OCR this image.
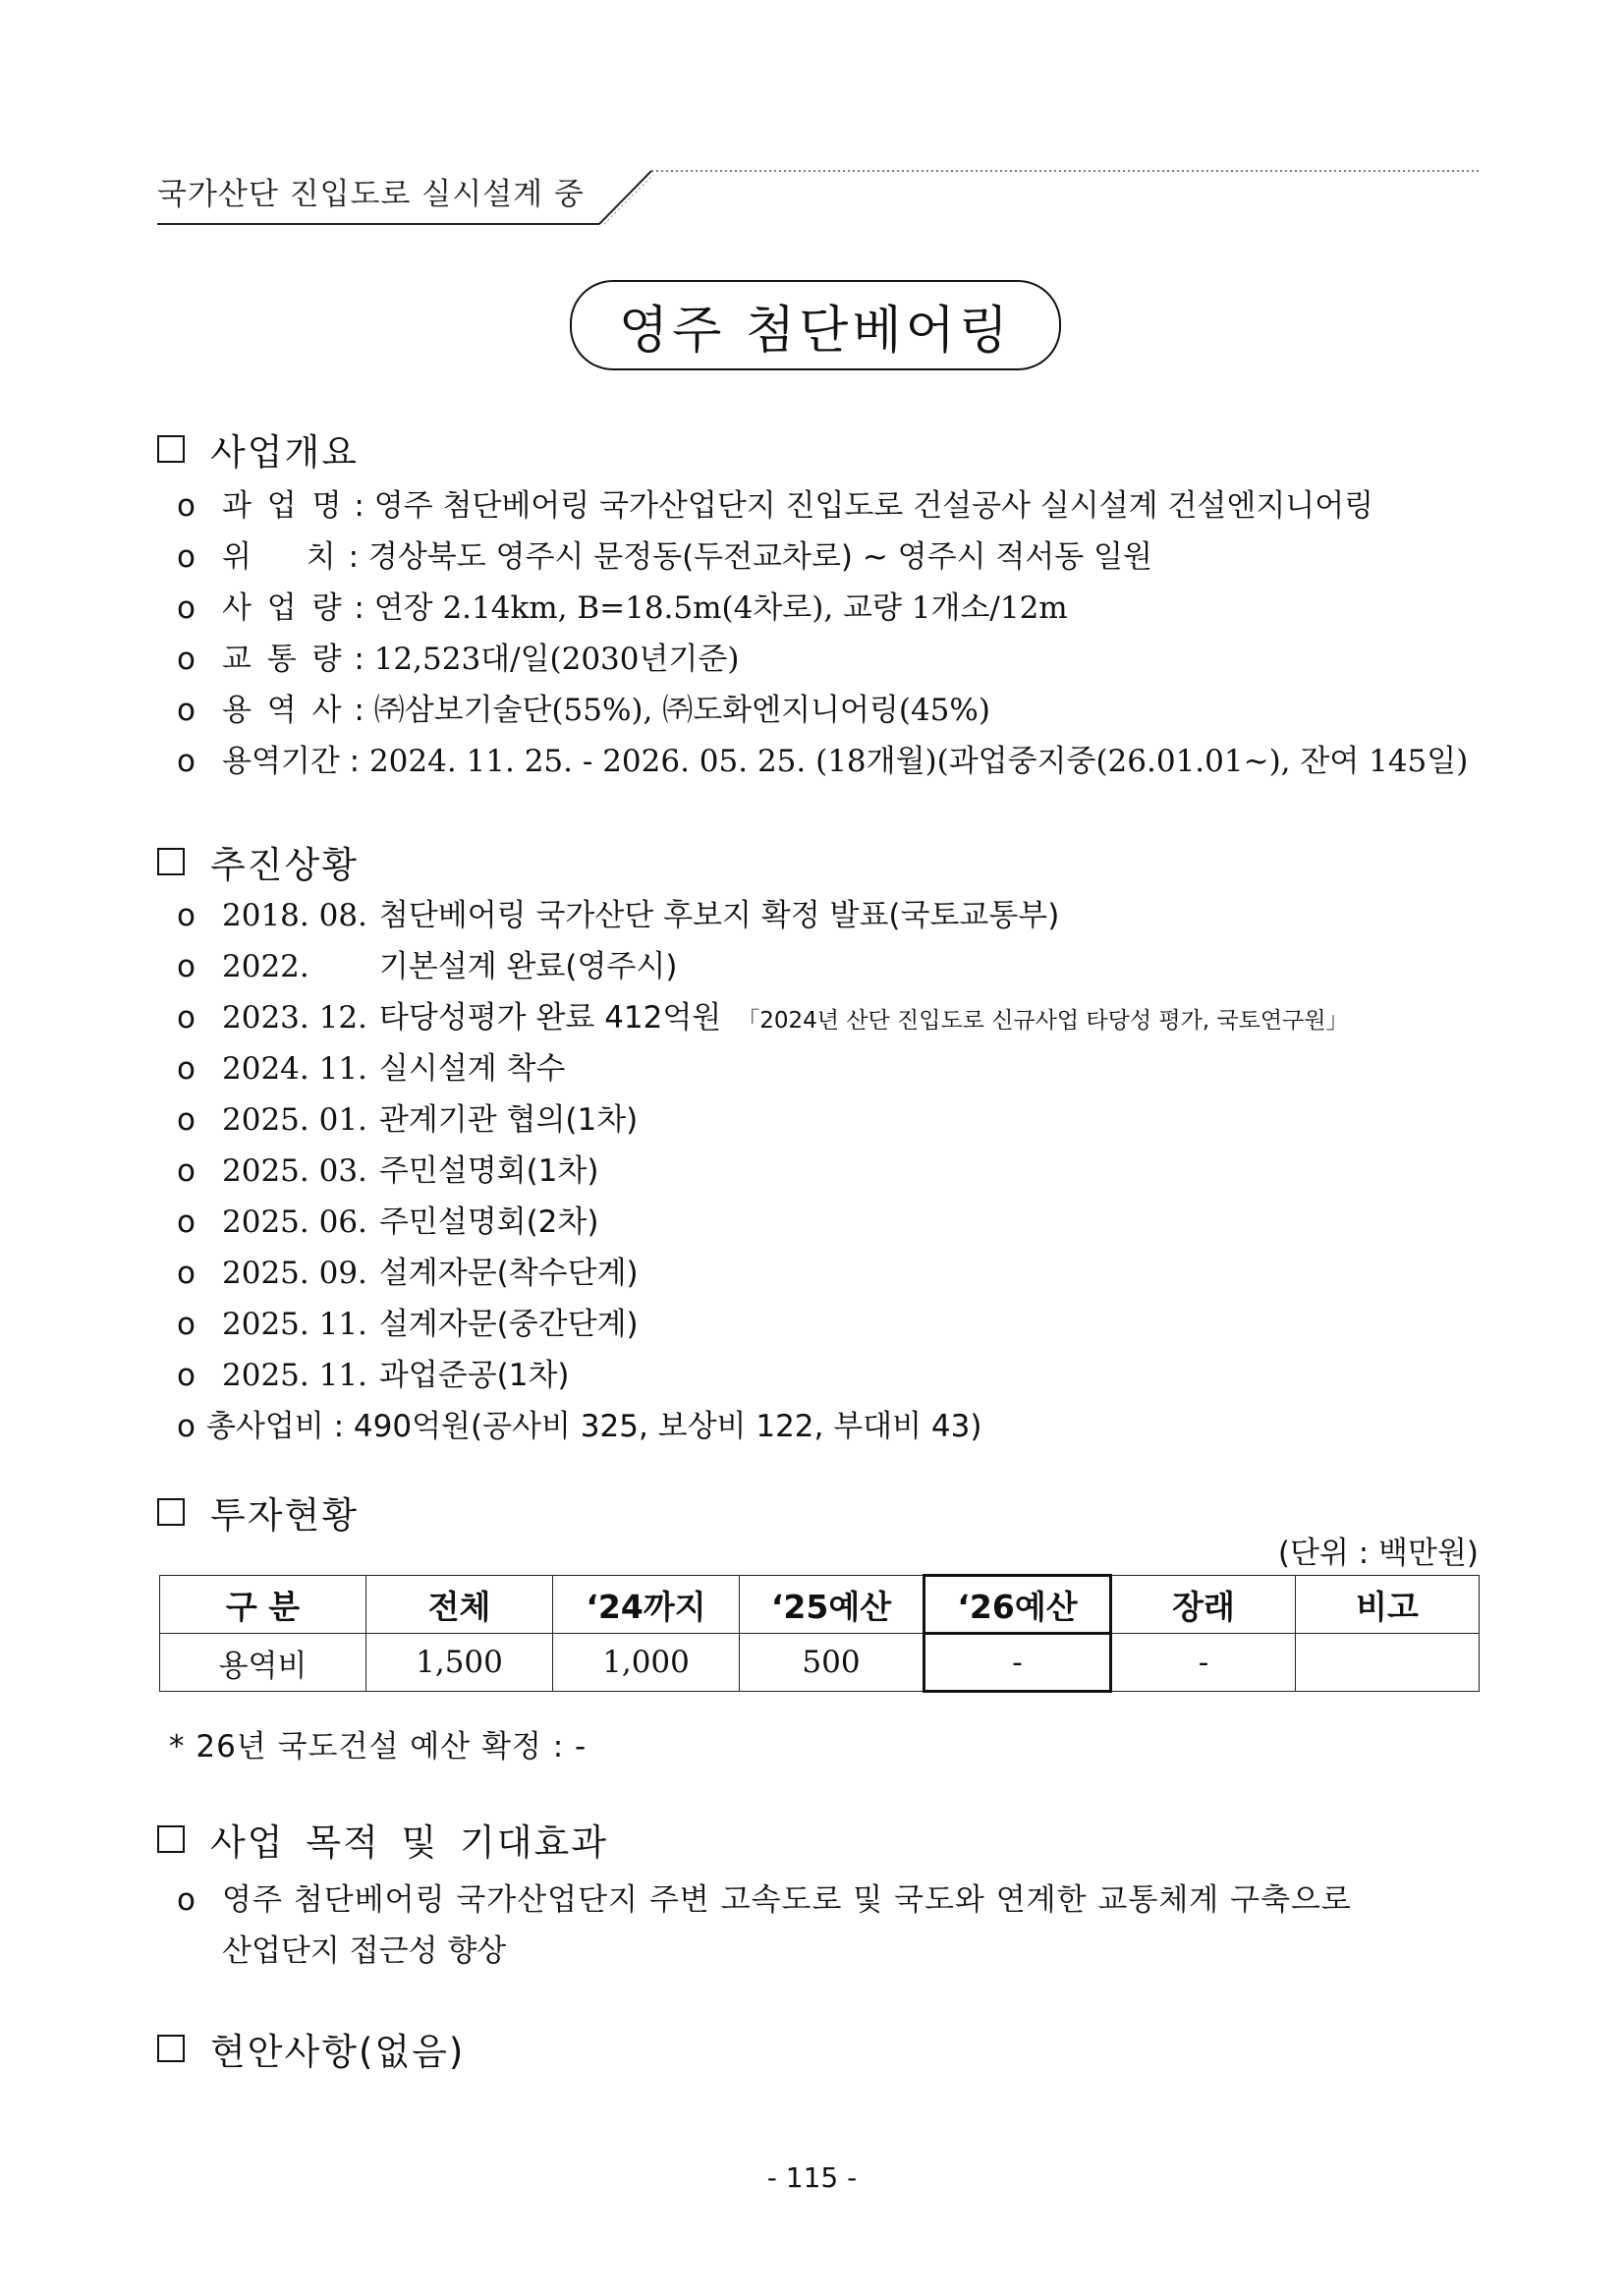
국가산단 진입도로 실시설계 중
영주 첨단베어링
사업개요
o 과 업 명 : 영주 첨단베어링 국가산업단지 진입도로 건설공사 실시설계 건설엔지니어링
o 위 치 : 경상북도 영주시 문정동(두전교차로) ~ 영주시 적서동 일원
o 사 업 량 : 연장 2.14km, B=18.5m(4차로), 교량 1개소/12m
o 교 통 량 : 12,523대/일(2030년기준)
o 용 역 사 : ㈜삼보기술단(55%), ㈜도화엔지니어링(45%)
o 용역기간 : 2024. 11. 25. - 2026. 05. 25. (18개월)(과업중지중(26.01.01~), 잔여 145일)
추진상황
o 2018. 08. 첨단베어링 국가산단 후보지 확정 발표(국토교통부)
o 2022. 기본설계 완료(영주시)
o 2023. 12. 타당성평가 완료 412억원 「2024년 산단 진입도로 신규사업 타당성 평가, 국토연구원」
o 2024. 11. 실시설계 착수
o 2025. 01. 관계기관 협의(1차)
o 2025. 03. 주민설명회(1차)
o 2025. 06. 주민설명회(2차)
o 2025. 09. 설계자문(착수단계)
o 2025. 11. 설계자문(중간단계)
o 2025. 11. 과업준공(1차)
o 총사업비 : 490억원(공사비 325, 보상비 122, 부대비 43)
투자현황
(단위 : 백만원)
구 분	전체	‘24까지	‘25예산	‘26예산	장래	비고
용역비	1,500	1,000	500	-	-	
* 26년 국도건설 예산 확정 : -
사업 목적 및 기대효과
o 영주 첨단베어링 국가산업단지 주변 고속도로 및 국도와 연계한 교통체계 구축으로
산업단지 접근성 향상
현안사항(없음)
- 115 -
